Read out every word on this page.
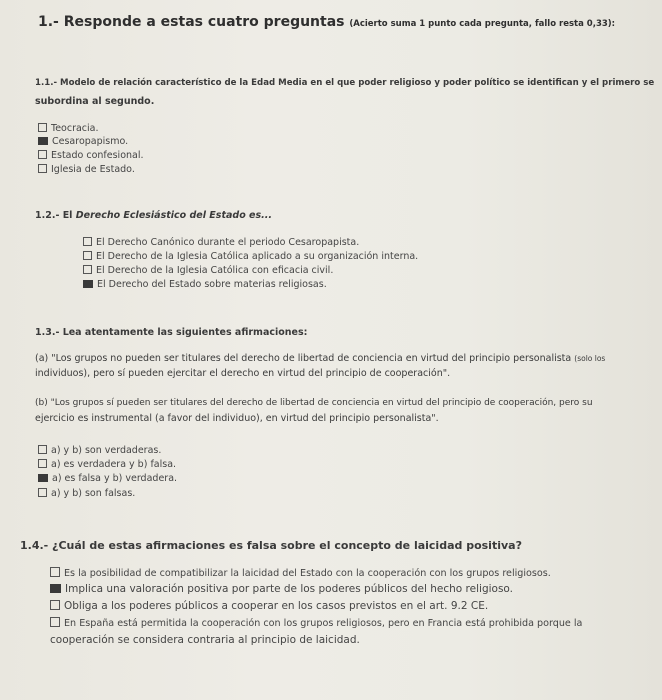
1.- Responde a estas cuatro preguntas (Acierto suma 1 punto cada pregunta, fallo resta 0,33):
1.1.- Modelo de relación característico de la Edad Media en el que poder religioso y poder político se identifican y el primero se
subordina al segundo.
Teocracia.
Cesaropapismo.
Estado confesional.
Iglesia de Estado.
1.2.- El Derecho Eclesiástico del Estado es...
El Derecho Canónico durante el periodo Cesaropapista.
El Derecho de la Iglesia Católica aplicado a su organización interna.
El Derecho de la Iglesia Católica con eficacia civil.
El Derecho del Estado sobre materias religiosas.
1.3.- Lea atentamente las siguientes afirmaciones:
(a) "Los grupos no pueden ser titulares del derecho de libertad de conciencia en virtud del principio personalista (solo los
individuos), pero sí pueden ejercitar el derecho en virtud del principio de cooperación".
(b) "Los grupos sí pueden ser titulares del derecho de libertad de conciencia en virtud del principio de cooperación, pero su
ejercicio es instrumental (a favor del individuo), en virtud del principio personalista".
a) y b) son verdaderas.
a) es verdadera y b) falsa.
a) es falsa y b) verdadera.
a) y b) son falsas.
1.4.- ¿Cuál de estas afirmaciones es falsa sobre el concepto de laicidad positiva?
Es la posibilidad de compatibilizar la laicidad del Estado con la cooperación con los grupos religiosos.
Implica una valoración positiva por parte de los poderes públicos del hecho religioso.
Obliga a los poderes públicos a cooperar en los casos previstos en el art. 9.2 CE.
En España está permitida la cooperación con los grupos religiosos, pero en Francia está prohibida porque la
cooperación se considera contraria al principio de laicidad.
